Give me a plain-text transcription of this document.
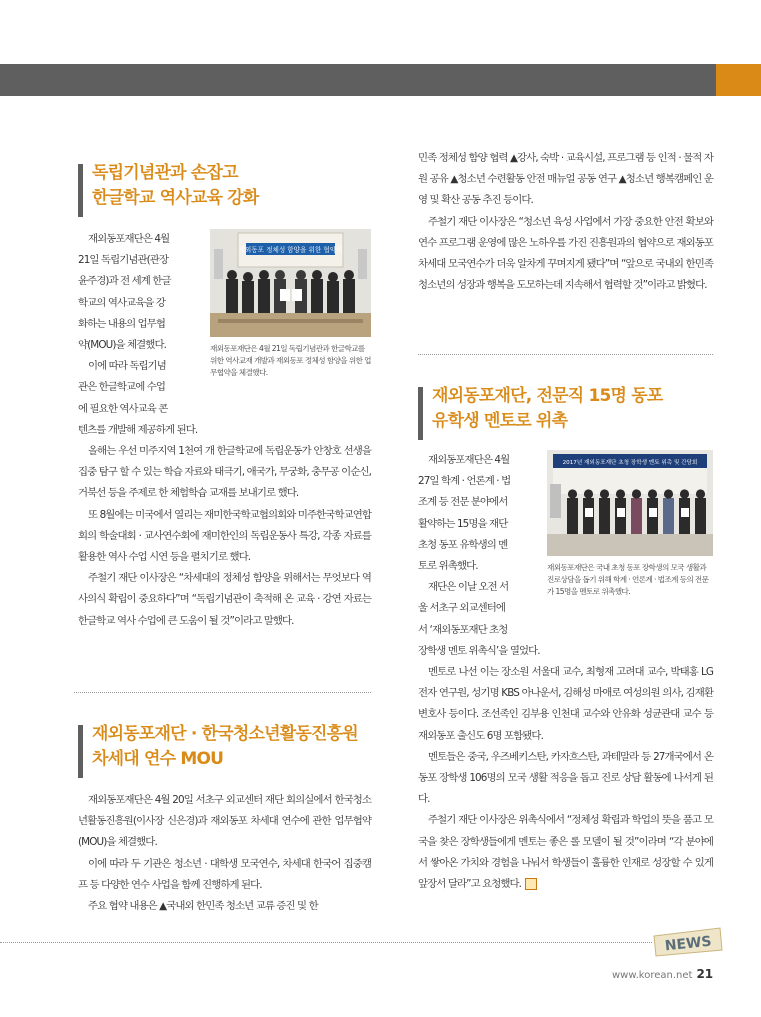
독립기념관과 손잡고
한글학교 역사교육 강화
재외동포 정체성 함양을 위한 협약식
재외동포재단은 4월 21일 독립기념관과 한글학교를 위한 역사교재 개발과 재외동포 정체성 함양을 위한 업무협약을 체결했다.
재외동포재단은 4월
21일 독립기념관(관장
윤주경)과 전 세계 한글
학교의 역사교육을 강
화하는 내용의 업무협
약(MOU)을 체결했다.
이에 따라 독립기념
관은 한글학교에 수업
에 필요한 역사교육 콘
텐츠를 개발해 제공하게 된다.
올해는 우선 미주지역 1천여 개 한글학교에 독립운동가 안창호 선생을 집중 탐구 할 수 있는 학습 자료와 태극기, 애국가, 무궁화, 충무공 이순신, 거북선 등을 주제로 한 체험학습 교재를 보내기로 했다.
또 8월에는 미국에서 열리는 재미한국학교협의회와 미주한국학교연합회의 학술대회 · 교사연수회에 재미한인의 독립운동사 특강, 각종 자료를 활용한 역사 수업 시연 등을 펼치기로 했다.
주철기 재단 이사장은 “차세대의 정체성 함양을 위해서는 무엇보다 역사의식 확립이 중요하다”며 “독립기념관이 축적해 온 교육 · 강연 자료는 한글학교 역사 수업에 큰 도움이 될 것”이라고 말했다.
재외동포재단 · 한국청소년활동진흥원
차세대 연수 MOU
재외동포재단은 4월 20일 서초구 외교센터 재단 회의실에서 한국청소년활동진흥원(이사장 신은경)과 재외동포 차세대 연수에 관한 업무협약(MOU)을 체결했다.
이에 따라 두 기관은 청소년 · 대학생 모국연수, 차세대 한국어 집중캠프 등 다양한 연수 사업을 함께 진행하게 된다.
주요 협약 내용은 ▲국내외 한민족 청소년 교류 증진 및 한
민족 정체성 함양 협력 ▲강사, 숙박 · 교육시설, 프로그램 등 인적 · 물적 자원 공유 ▲청소년 수련활동 안전 매뉴얼 공동 연구 ▲청소년 행복캠페인 운영 및 확산 공동 추진 등이다.
주철기 재단 이사장은 “청소년 육성 사업에서 가장 중요한 안전 확보와 연수 프로그램 운영에 많은 노하우를 가진 진흥원과의 협약으로 재외동포 차세대 모국연수가 더욱 알차게 꾸며지게 됐다”며 “앞으로 국내외 한민족 청소년의 성장과 행복을 도모하는데 지속해서 협력할 것”이라고 밝혔다.
재외동포재단, 전문직 15명 동포
유학생 멘토로 위촉
2017년 재외동포재단 초청 장학생 멘토 위촉 및 간담회
재외동포재단은 국내 초청 동포 장학생의 모국 생활과 진로상담을 돕기 위해 학계 · 언론계 · 법조계 등의 전문가 15명을 멘토로 위촉했다.
재외동포재단은 4월
27일 학계 · 언론계 · 법
조계 등 전문 분야에서
활약하는 15명을 재단
초청 동포 유학생의 멘
토로 위촉했다.
재단은 이날 오전 서
울 서초구 외교센터에
서 ‘재외동포재단 초청
장학생 멘토 위촉식’을 열었다.
멘토로 나선 이는 장소원 서울대 교수, 최형재 고려대 교수, 박태홍 LG전자 연구원, 성기명 KBS 아나운서, 김해성 마애로 여성의원 의사, 김재환 변호사 등이다. 조선족인 김부용 인천대 교수와 안유화 성균관대 교수 등 재외동포 출신도 6명 포함됐다.
멘토들은 중국, 우즈베키스탄, 카자흐스탄, 과테말라 등 27개국에서 온 동포 장학생 106명의 모국 생활 적응을 돕고 진로 상담 활동에 나서게 된다.
주철기 재단 이사장은 위촉식에서 “정체성 확립과 학업의 뜻을 품고 모국을 찾은 장학생들에게 멘토는 좋은 롤 모델이 될 것”이라며 “각 분야에서 쌓아온 가치와 경험을 나눠서 학생들이 훌륭한 인재로 성장할 수 있게 앞장서 달라”고 요청했다.
NEWS
www.korean.net 21
